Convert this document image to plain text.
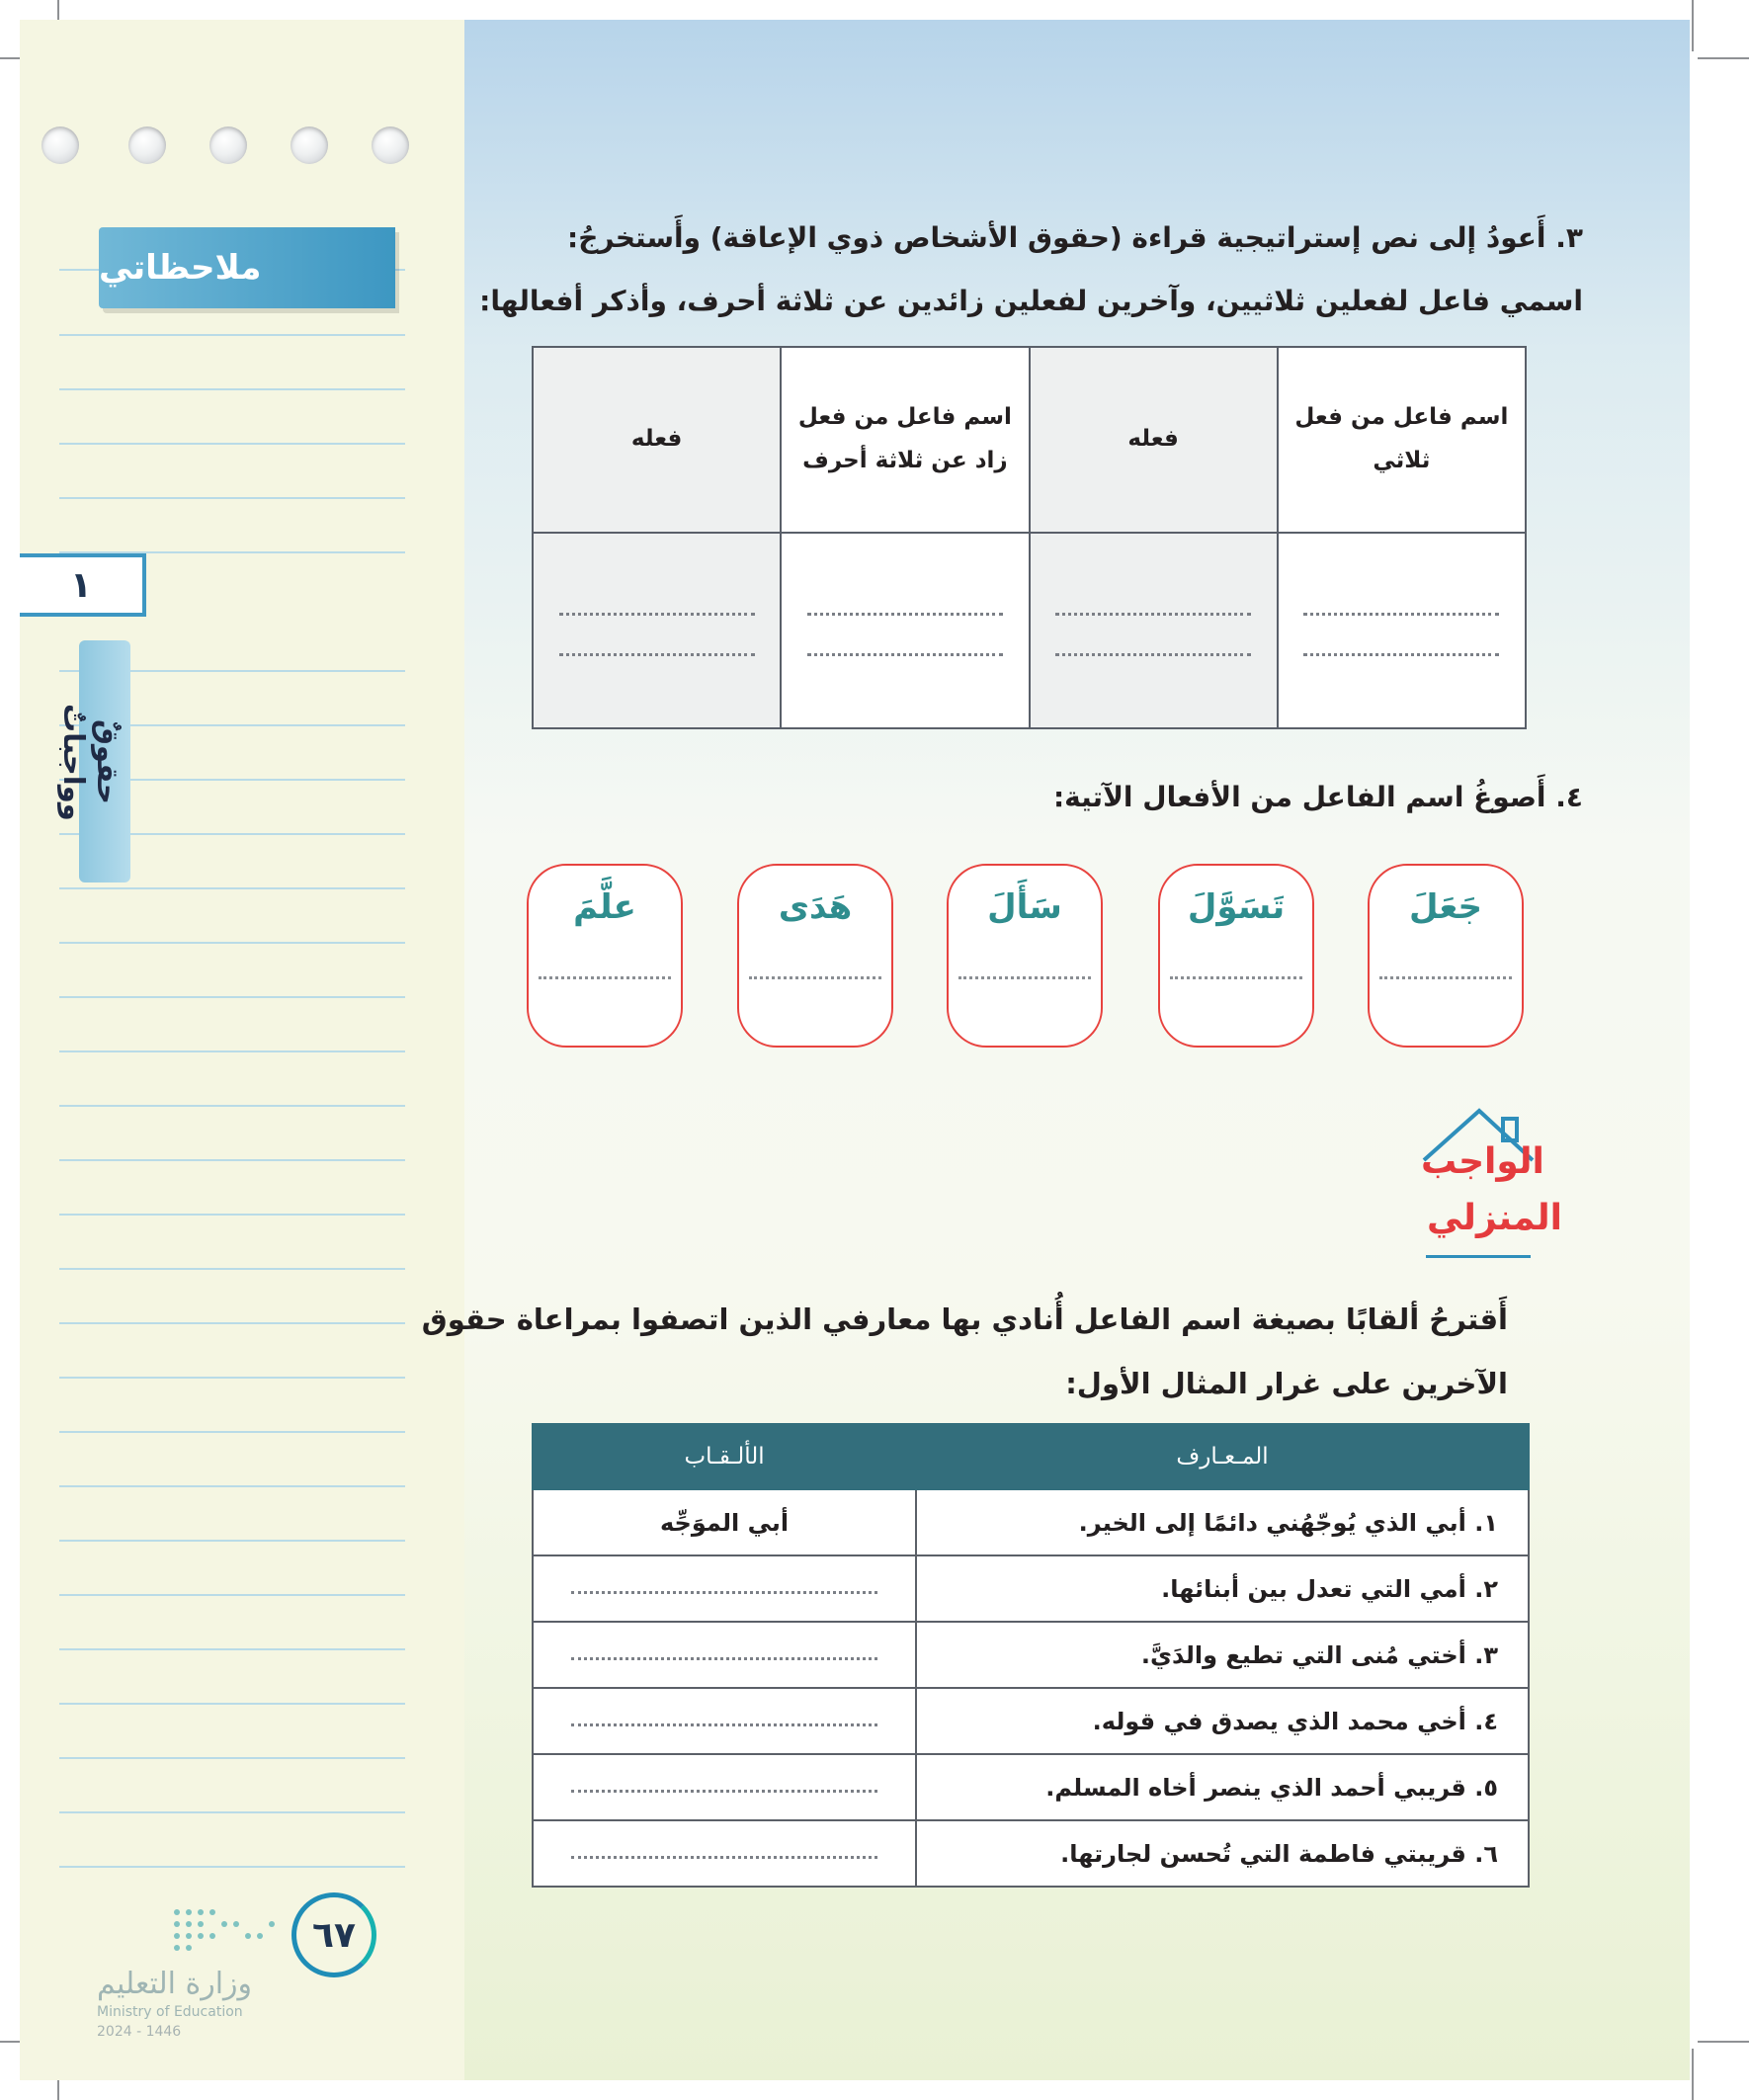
ملاحظاتي
١
حقوقٌ وواجباتٌ
٣. أَعودُ إلى نص إستراتيجية قراءة (حقوق الأشخاص ذوي الإعاقة) وأَستخرجُ:
اسمي فاعل لفعلين ثلاثيين، وآخرين لفعلين زائدين عن ثلاثة أحرف، وأذكر أفعالها:
اسم فاعل من فعل ثلاثي	فعله	اسم فاعل من فعل زاد عن ثلاثة أحرف	فعله

٤. أَصوغُ اسم الفاعل من الأفعال الآتية:
جَعَلَ
تَسَوَّلَ
سَأَلَ
هَدَى
علَّمَ
الواجب
المنزلي
أَقترحُ ألقابًا بصيغة اسم الفاعل أُنادي بها معارفي الذين اتصفوا بمراعاة حقوق
الآخرين على غرار المثال الأول:
المـعـارف	الألـقـاب
١. أبي الذي يُوجّهُني دائمًا إلى الخير.	أبي الموَجِّه
٢. أمي التي تعدل بين أبنائها.	
٣. أختي مُنى التي تطيع والدَيَّ.	
٤. أخي محمد الذي يصدق في قوله.	
٥. قريبي أحمد الذي ينصر أخاه المسلم.	
٦. قريبتي فاطمة التي تُحسن لجارتها.	
٦٧
وزارة التعليم
Ministry of Education
2024 - 1446
